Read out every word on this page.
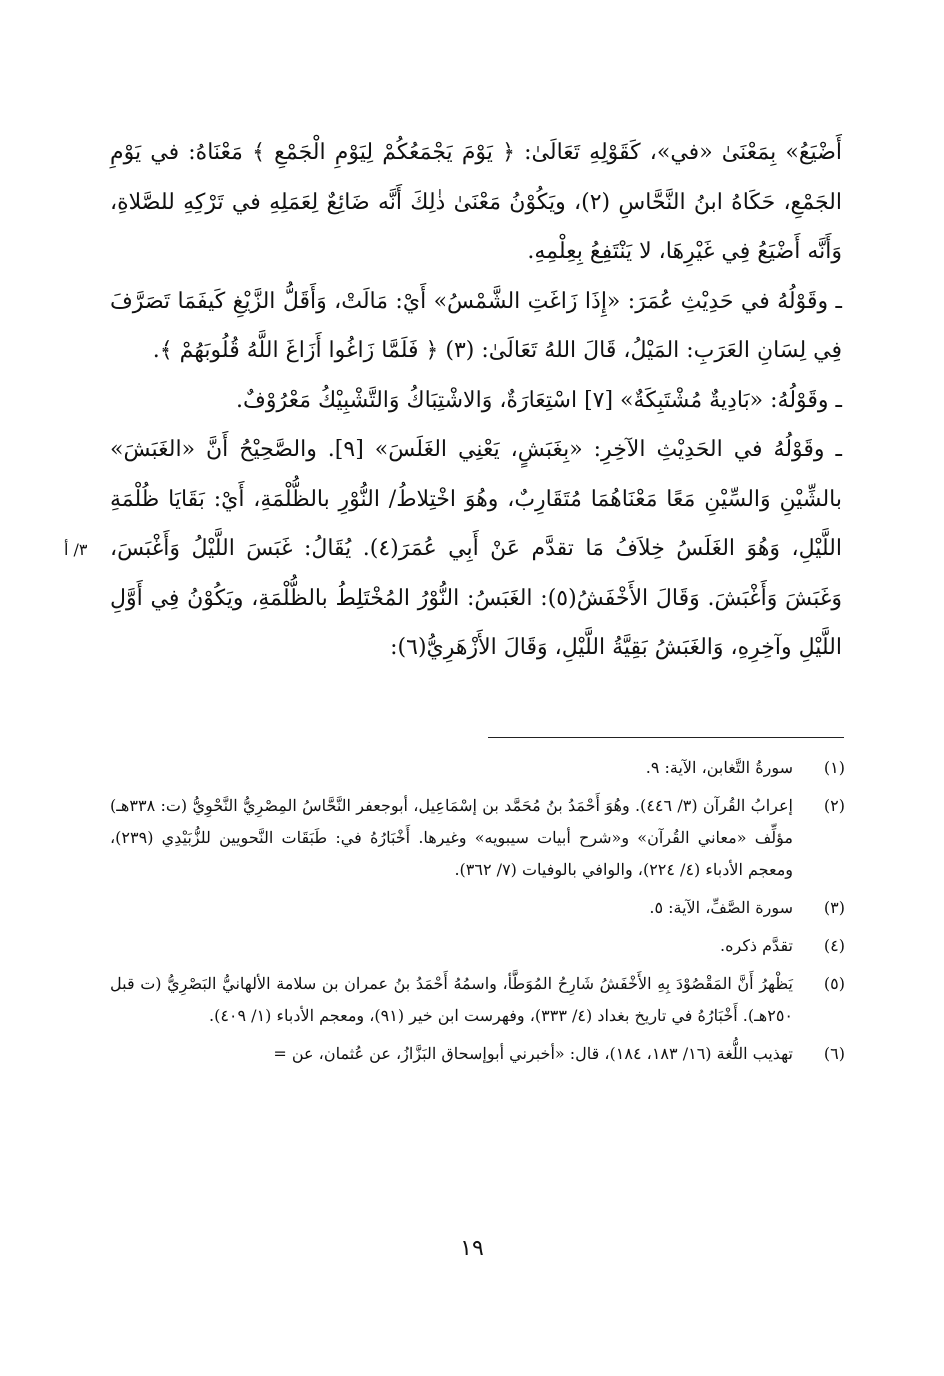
أَضْيَعُ» بِمَعْنَىٰ «في»، كَقَوْلِهِ تَعَالَىٰ: ﴿ يَوْمَ يَجْمَعُكُمْ لِيَوْمِ الْجَمْعِ ﴾ مَعْنَاهُ: في يَوْمِ الجَمْعِ، حَكَاهُ ابنُ النَّحَّاسِ (٢)، ويَكُوْنُ مَعْنَىٰ ذٰلِكَ أَنَّه ضَائِعٌ لِعَمَلِهِ في تَرْكِهِ للصَّلاةِ، وَأَنَّه أَضْيَعُ فِي غَيْرِهَا، لا يَنْتَفِعُ بِعِلْمِهِ.

ـ وقَوْلُهُ في حَدِيْثِ عُمَرَ: «إِذَا زَاغَتِ الشَّمْسُ» أَيْ: مَالَتْ، وَأَقَلُّ الزَّيْغِ كَيفَمَا تَصَرَّفَ فِي لِسَانِ العَرَبِ: المَيْلُ، قَالَ اللهُ تَعَالَىٰ: (٣) ﴿ فَلَمَّا زَاغُوا أَزَاغَ اللَّهُ قُلُوبَهُمْ ﴾.

ـ وقَوْلُهُ: «بَادِيةٌ مُشْتَبِكَةٌ» [٧] اسْتِعَارَةٌ، وَالاشْتِبَاكُ وَالتَّشْبِيْكُ مَعْرُوْفٌ.

ـ وقَوْلُهُ في الحَدِيْثِ الآخِرِ: «بِغَبَشٍ، يَعْنِي الغَلَسَ» [٩]. والصَّحِيْحُ أَنَّ «الغَبَشَ» بالشِّيْنِ وَالسِّيْنِ مَعًا مَعْنَاهُمَا مُتَقَارِبٌ، وهُوَ اخْتِلاطُ/ النُّوْرِ بالظُّلْمَةِ، أَيْ: بَقَايَا ظُلْمَةِ اللَّيْلِ، وَهُوَ الغَلَسُ خِلاَفُ مَا تقدَّم عَنْ أَبِي عُمَرَ(٤). يُقَالُ: غَبَسَ اللَّيْلُ وَأَغْبَسَ، وَغَبَشَ وَأَغْبَشَ. وَقَالَ الأَخْفَشُ(٥): الغَبَسُ: النُّوْرُ المُخْتَلِطُ بالظُّلْمَةِ، ويَكُوْنُ فِي أَوَّلِ اللَّيْلِ وآخِرِهِ، وَالغَبَشُ بَقِيَّةُ اللَّيْلِ، وَقَالَ الأَزْهَرِيُّ(٦):

٣/ أ
(١)
سورةُ التَّغابن، الآية: ٩.
(٢)
إعرابُ القُرآن (٣/ ٤٤٦). وهُوَ أَحْمَدُ بنُ مُحَمَّد بن إسْمَاعِيل، أبوجعفر النَّحَّاسُ المِصْرِيُّ النَّحْوِيُّ (ت: ٣٣٨هـ) مؤلِّف «معاني القُرآن» و«شرح أبيات سيبويه» وغيرها. أَخْبَارُهُ في: طَبَقَات النَّحويين للزُّبَيْدِي (٢٣٩)، ومعجم الأدباء (٤/ ٢٢٤)، والوافي بالوفيات (٧/ ٣٦٢).
(٣)
سورة الصَّفِّ، الآية: ٥.
(٤)
تقدَّم ذكره.
(٥)
يَظْهرُ أَنَّ المَقْصُوْدَ بِهِ الأَخْفَشُ شَارِحُ المُوَطَّأ، واسمُهُ أَحْمَدُ بنُ عمران بن سلامة الألهانيُّ البَصْرِيُّ (ت قبل ٢٥٠هـ). أَخْبَارُهُ في تاريخ بغداد (٤/ ٣٣٣)، وفهرست ابن خير (٩١)، ومعجم الأدباء (١/ ٤٠٩).
(٦)
تهذيب اللُّغة (١٦/ ١٨٣، ١٨٤)، قال: «أخبرني أبوإسحاق البَزَّازُ، عن عُثمان، عن =
١٩
